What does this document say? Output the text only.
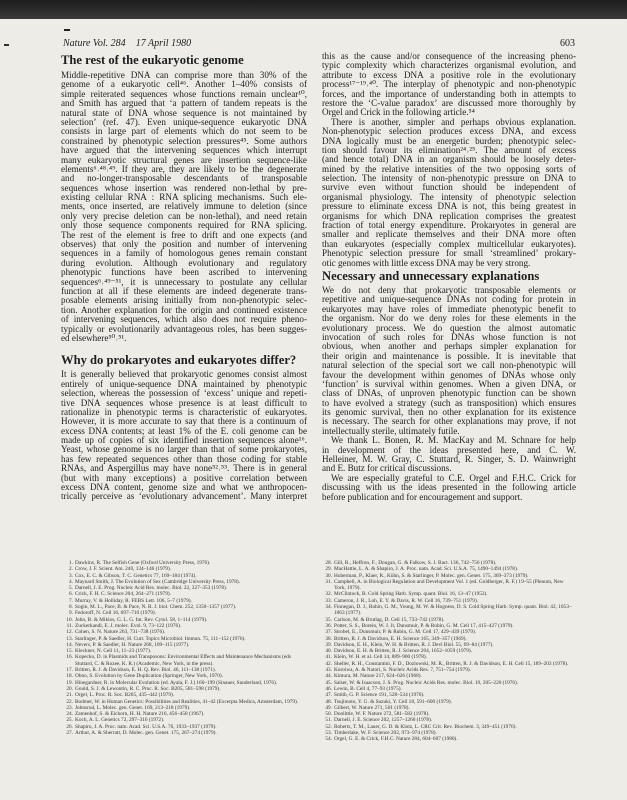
Nature Vol. 284 17 April 1980	603
The rest of the eukaryotic genome
Middle-repetitive DNA can comprise more than 30% of the
genome of a eukaryotic cell⁴⁶. Another 1–40% consists of
simple reiterated sequences whose functions remain unclear¹⁰,
and Smith has argued that ‘a pattern of tandem repeats is the
natural state of DNA whose sequence is not maintained by
selection’ (ref. 47). Even unique-sequence eukaryotic DNA
consists in large part of elements which do not seem to be
constrained by phenotypic selection pressures⁴⁵. Some authors
have argued that the intervening sequences which interrupt
many eukaryotic structural genes are insertion sequence-like
elements⁶˒⁴⁸˒⁴⁹. If they are, they are likely to be the degenerate
and no-longer-transposable descendants of transposable
sequences whose insertion was rendered non-lethal by pre-
existing cellular RNA : RNA splicing mechanisms. Such ele-
ments, once inserted, are relatively immune to deletion (since
only very precise deletion can be non-lethal), and need retain
only those sequence components required for RNA splicing.
The rest of the element is free to drift and one expects (and
observes) that only the position and number of intervening
sequences in a family of homologous genes remain constant
during evolution. Although evolutionary and regulatory
phenotypic functions have been ascribed to intervening
sequences⁶˒⁴⁹⁻⁵¹, it is unnecessary to postulate any cellular
function at all if these elements are indeed degenerate trans-
posable elements arising initially from non-phenotypic selec-
tion. Another explanation for the origin and continued existence
of intervening sequences, which also does not require pheno-
typically or evolutionarily advantageous roles, has been sugges-
ed elsewhere⁵⁰˒⁵¹.
Why do prokaryotes and eukaryotes differ?
It is generally believed that prokaryotic genomes consist almost
entirely of unique-sequence DNA maintained by phenotypic
selection, whereas the possession of ‘excess’ unique and repeti-
tive DNA sequences whose presence is at least difficult to
rationalize in phenotypic terms is characteristic of eukaryotes.
However, it is more accurate to say that there is a continuum of
excess DNA contents; at least 1% of the E. coli genome can be
made up of copies of six identified insertion sequences alone¹⁶.
Yeast, whose genome is no larger than that of some prokaryotes,
has few repeated sequences other than those coding for stable
RNAs, and Aspergillus may have none⁵²˒⁵³. There is in general
(but with many exceptions) a positive correlation between
excess DNA content, genome size and what we anthropocen-
trically perceive as ‘evolutionary advancement’. Many interpret
this as the cause and/or consequence of the increasing pheno-
typic complexity which characterizes organismal evolution, and
attribute to excess DNA a positive role in the evolutionary
process¹⁷⁻¹⁹˒⁴⁰. The interplay of phenotypic and non-phenotypic
forces, and the importance of understanding both in attempts to
restore the ‘C-value paradox’ are discussed more thoroughly by
Orgel and Crick in the following article.⁵⁴
There is another, simpler and perhaps obvious explanation.
Non-phenotypic selection produces excess DNA, and excess
DNA logically must be an energetic burden; phenotypic selec-
tion should favour its elimination²⁴˒²⁵. The amount of excess
(and hence total) DNA in an organism should be loosely deter-
mined by the relative intensities of the two opposing sorts of
selection. The intensity of non-phenotypic pressure on DNA to
survive even without function should be independent of
organismal physiology. The intensity of phenotypic selection
pressure to eliminate excess DNA is not, this being greatest in
organisms for which DNA replication comprises the greatest
fraction of total energy expenditure. Prokaryotes in general are
smaller and replicate themselves and their DNA more often
than eukaryotes (especially complex multicellular eukaryotes).
Phenotypic selection pressure for small ‘streamlined’ prokary-
otic genomes with little excess DNA may be very strong.
Necessary and unnecessary explanations
We do not deny that prokaryotic transposable elements or
repetitive and unique-sequence DNAs not coding for protein in
eukaryotes may have roles of immediate phenotypic benefit to
the organism. Nor do we deny roles for these elements in the
evolutionary process. We do question the almost automatic
invocation of such roles for DNAs whose function is not
obvious, when another and perhaps simpler explanation for
their origin and maintenance is possible. It is inevitable that
natural selection of the special sort we call non-phenotypic will
favour the development within genomes of DNAs whose only
‘function’ is survival within genomes. When a given DNA, or
class of DNAs, of unproven phenotypic function can be shown
to have evolved a strategy (such as transposition) which ensures
its genomic survival, then no other explanation for its existence
is necessary. The search for other explanations may prove, if not
intellectually sterile, ultimately futile.
We thank L. Bonen, R. M. MacKay and M. Schnare for help
in development of the ideas presented here, and C. W.
Helleiner, M. W. Gray, C. Stuttard, R. Singer, S. D. Wainwright
and E. Butz for critical discussions.
We are especially grateful to C.E. Orgel and F.H.C. Crick for
discussing with us the ideas presented in the following article
before publication and for encouragement and support.
1. Dawkins, R. The Selfish Gene (Oxford University Press, 1976).
2. Crow, J. F. Scient. Am. 240, 134–146 (1979).
3. Cox, E. C. & Gibson, T. C. Genetics 77, 169–184 (1974).
4. Maynard Smith, J. The Evolution of Sex (Cambridge University Press, 1978).
5. Darnell, J. E. Prog. Nucleic Acid Res. molec. Biol. 22, 327–353 (1978).
6. Crick, F. H. C. Science 204, 264–271 (1979).
7. Murray, V. & Holliday, R. FEBS Lett. 106, 5–7 (1979).
8. Sogin, M. L., Pace, B. & Pace, N. R. J. biol. Chem. 252, 1350–1357 (1977).
9. Fedoroff, N. Cell 16, 697–710 (1979).
10. John, B. & Miklos, G. L. G. Int. Rev. Cytol. 58, 1–114 (1979).
11. Zuckerkandl, E. J. molec. Evol. 9, 73–122 (1976).
12. Cohen, S. N. Nature 263, 731–738 (1976).
13. Starlinger, P. & Saedler, H. Curr. Topics Microbiol. Immun. 75, 111–152 (1976).
14. Nevers, P. & Saedler, H. Nature 268, 109–115 (1977).
15. Kleckner, N. Cell 11, 11–23 (1977).
16. Kopecko, D. in Plasmids and Transposons: Environmental Effects and Maintenance Mechanisms (eds Stuttard, C. & Rozee, K. R.) (Academic, New York, in the press).
17. Britten, R. J. & Davidson, E. H. Q. Rev. Biol. 46, 111–138 (1971).
18. Ohno, S. Evolution by Gene Duplication (Springer, New York, 1970).
19. Hinegardner, R. in Molecular Evolution (ed. Ayala, F. J.) 160–199 (Sinauer, Sunderland, 1976).
20. Gould, S. J. & Lewontin, R. C. Proc. R. Soc. B205, 581–598 (1979).
21. Orgel, L. Proc. R. Soc. B205, 435–442 (1979).
22. Bodmer, W. in Human Genetics: Possibilities and Realities, 41–42 (Excerpta Medica, Amsterdam, 1979).
23. Johnsrud, L. Molec. gen. Genet. 169, 213–218 (1979).
24. Zamenhof, S. & Eichorn, H. H. Nature 216, 456–458 (1967).
25. Koch, A. L. Genetics 72, 297–316 (1972).
26. Shapiro, J. A. Proc. natn. Acad. Sci. U.S.A. 76, 1933–1937 (1979).
27. Arthur, A. & Sherratt, D. Molec. gen. Genet. 175, 267–274 (1979).
28. Gill, R., Heffron, F., Dougan, G. & Falkow, S. J. Bact. 136, 742–756 (1978).
29. MacHattie, L. A. & Shapiro, J. A. Proc. natn. Acad. Sci. U.S.A. 75, 1490–1494 (1978).
30. Huberman, P., Klaer, R., Kühn, S. & Starlinger, P. Molec. gen. Genet. 175, 369–373 (1979).
31. Campbell, A. in Biological Regulation and Development Vol. 1 (ed. Goldberger, R. F.) 19–55 (Plenum, New York, 1979).
32. McClintock, B. Cold Spring Harb. Symp. quant. Biol. 16, 13–47 (1952).
33. Cameron, J. R., Loh, E. Y. & Davis, R. W. Cell 16, 739–751 (1979).
34. Finnegan, D. J., Rubin, G. M., Young, M. W. & Hogness, D. S. Cold Spring Harb. Symp. quant. Biol. 42, 1053–1063 (1977).
35. Carlson, M. & Brutlag, D. Cell 15, 733–742 (1978).
36. Potter, S. S., Borein, W. J. Jr, Dunsmuir, P. & Rubin, G. M. Cell 17, 415–427 (1979).
37. Strobel, E., Dunsmuir, P. & Rubin, G. M. Cell 17, 429–439 (1979).
38. Britten, R. J. & Davidson, E. H. Science 165, 349–357 (1969).
39. Davidson, E. H., Klein, W. H. & Britten, R. J. Devl Biol. 55, 69–84 (1977).
40. Davidson, E. H. & Britten, R. J. Science 204, 1052–1059 (1979).
41. Klein, W. H. et al. Cell 14, 889–900 (1978).
42. Sheller, R. H., Constantini, F. D., Dozlowski, M. R., Britten, R. J. & Davidson, E. H. Cell 15, 189–203 (1978).
43. Kuroiwa, A. & Natori, S. Nucleic Acids Res. 7, 751–754 (1979).
44. Kimura, M. Nature 217, 624–626 (1968).
45. Salser, W. & Isaacson, J. S. Prog. Nucleic Acids Res. molec. Biol. 19, 205–220 (1976).
46. Lewin, B. Cell 4, 77–93 (1975).
47. Smith, G. P. Science 191, 528–534 (1976).
48. Tsujimoto, Y. G. & Suzuki, Y. Cell 18, 591–600 (1979).
49. Gilbert, W. Nature 271, 501 (1978).
50. Doolittle, W. F. Nature 272, 581–582 (1978).
51. Darnell, J. E. Science 202, 1257–1260 (1978).
52. Roberts, T. M., Lauer, G. D. & Klotz, L. CRC Crit. Rev. Biochem. 3, 349–451 (1976).
53. Timberlake, W. F. Science 202, 973–974 (1978).
54. Orgel, G. E. & Crick, F.H.C. Nature 284, 604–607 (1980).
